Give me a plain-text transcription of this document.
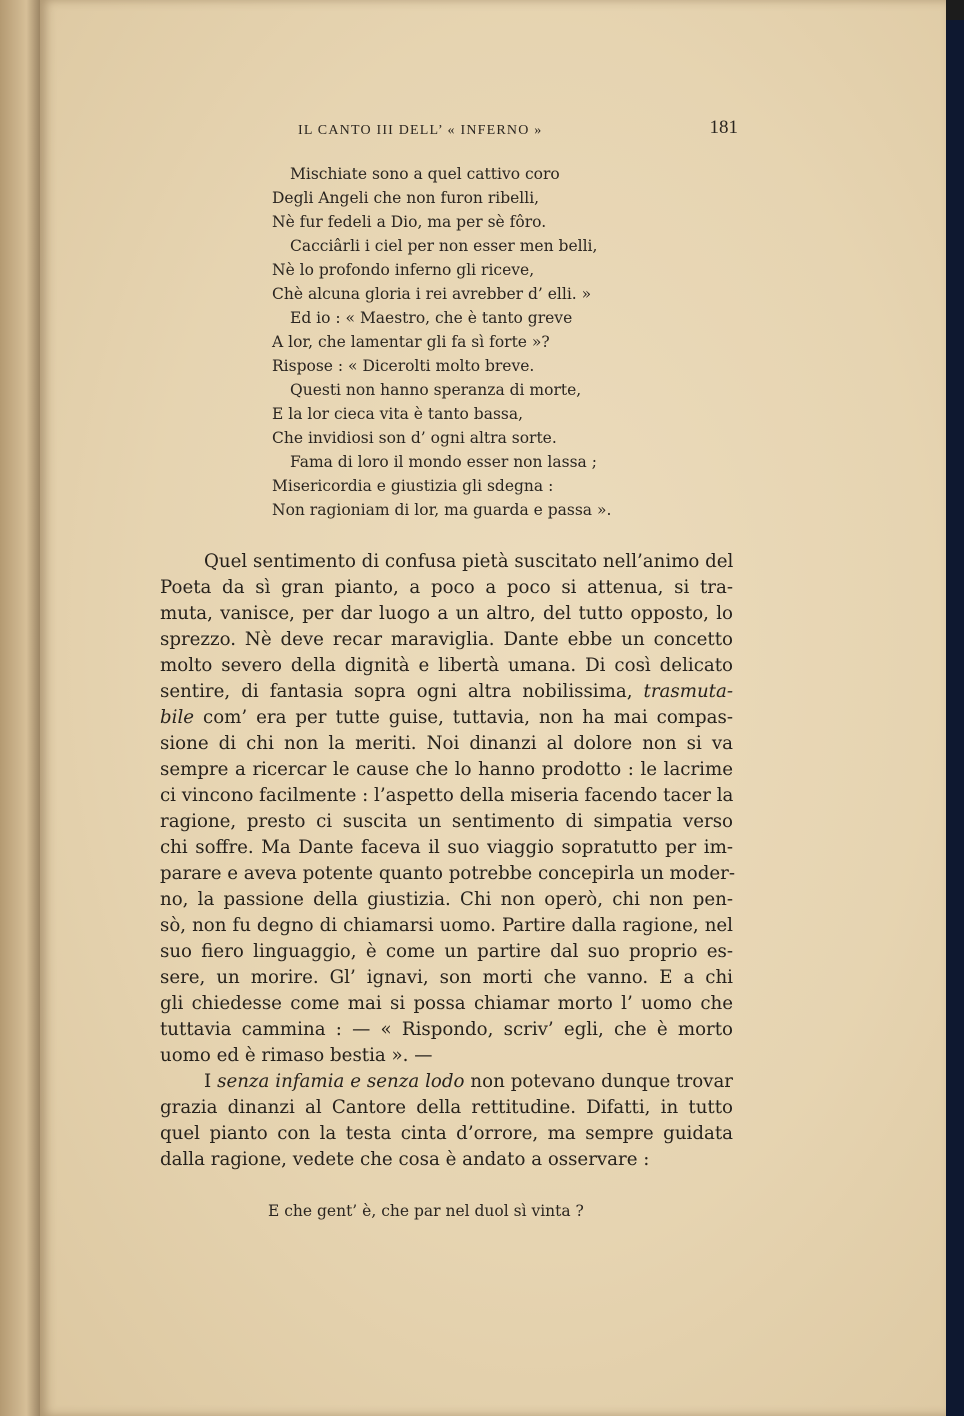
IL CANTO III DELL’ « INFERNO »	181
Mischiate sono a quel cattivo coro
Degli Angeli che non furon ribelli,
Nè fur fedeli a Dio, ma per sè fôro.
Cacciârli i ciel per non esser men belli,
Nè lo profondo inferno gli riceve,
Chè alcuna gloria i rei avrebber d’ elli. »
Ed io : « Maestro, che è tanto greve
A lor, che lamentar gli fa sì forte »?
Rispose : « Dicerolti molto breve.
Questi non hanno speranza di morte,
E la lor cieca vita è tanto bassa,
Che invidiosi son d’ ogni altra sorte.
Fama di loro il mondo esser non lassa ;
Misericordia e giustizia gli sdegna :
Non ragioniam di lor, ma guarda e passa ».
Quel sentimento di confusa pietà suscitato nell’animo del
Poeta da sì gran pianto, a poco a poco si attenua, si tra-
muta, vanisce, per dar luogo a un altro, del tutto opposto, lo
sprezzo. Nè deve recar maraviglia. Dante ebbe un concetto
molto severo della dignità e libertà umana. Di così delicato
sentire, di fantasia sopra ogni altra nobilissima, trasmuta-
bile com’ era per tutte guise, tuttavia, non ha mai compas-
sione di chi non la meriti. Noi dinanzi al dolore non si va
sempre a ricercar le cause che lo hanno prodotto : le lacrime
ci vincono facilmente : l’aspetto della miseria facendo tacer la
ragione, presto ci suscita un sentimento di simpatia verso
chi soffre. Ma Dante faceva il suo viaggio sopratutto per im-
parare e aveva potente quanto potrebbe concepirla un moder-
no, la passione della giustizia. Chi non operò, chi non pen-
sò, non fu degno di chiamarsi uomo. Partire dalla ragione, nel
suo fiero linguaggio, è come un partire dal suo proprio es-
sere, un morire. Gl’ ignavi, son morti che vanno. E a chi
gli chiedesse come mai si possa chiamar morto l’ uomo che
tuttavia cammina : — « Rispondo, scriv’ egli, che è morto
uomo ed è rimaso bestia ». —
I senza infamia e senza lodo non potevano dunque trovar
grazia dinanzi al Cantore della rettitudine. Difatti, in tutto
quel pianto con la testa cinta d’orrore, ma sempre guidata
dalla ragione, vedete che cosa è andato a osservare :
E che gent’ è, che par nel duol sì vinta ?
